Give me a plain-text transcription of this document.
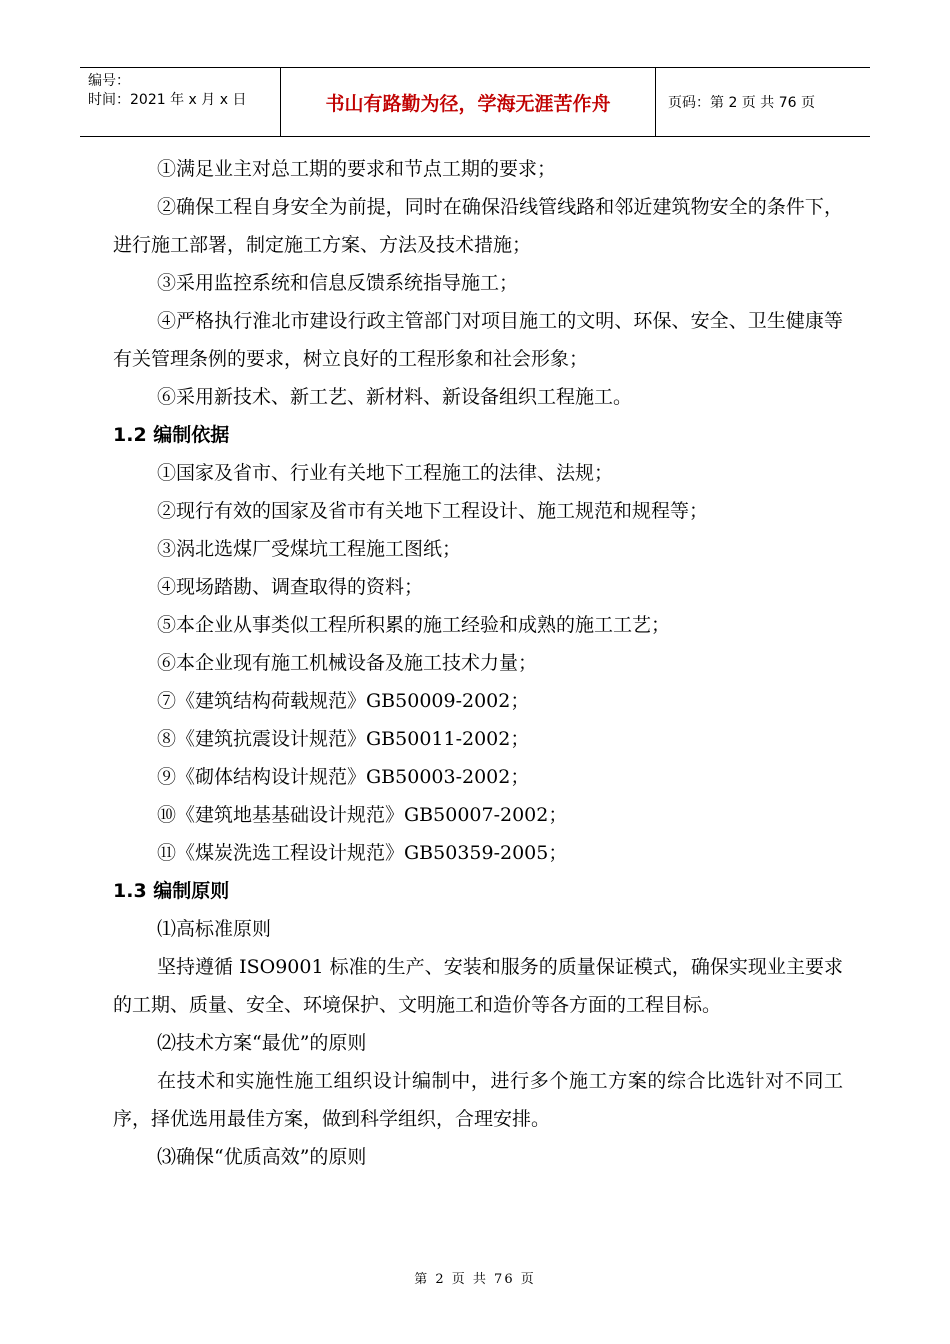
编号：
时间：2021 年 x 月 x 日	书山有路勤为径，学海无涯苦作舟	页码：第 2 页 共 76 页

①满足业主对总工期的要求和节点工期的要求；

②确保工程自身安全为前提，同时在确保沿线管线路和邻近建筑物安全的条件下，进行施工部署，制定施工方案、方法及技术措施；

③采用监控系统和信息反馈系统指导施工；

④严格执行淮北市建设行政主管部门对项目施工的文明、环保、安全、卫生健康等有关管理条例的要求，树立良好的工程形象和社会形象；

⑥采用新技术、新工艺、新材料、新设备组织工程施工。

1.2 编制依据

①国家及省市、行业有关地下工程施工的法律、法规；

②现行有效的国家及省市有关地下工程设计、施工规范和规程等；

③涡北选煤厂受煤坑工程施工图纸；

④现场踏勘、调查取得的资料；

⑤本企业从事类似工程所积累的施工经验和成熟的施工工艺；

⑥本企业现有施工机械设备及施工技术力量；

⑦《建筑结构荷载规范》GB50009-2002；

⑧《建筑抗震设计规范》GB50011-2002；

⑨《砌体结构设计规范》GB50003-2002；

⑩《建筑地基基础设计规范》GB50007-2002；

⑪《煤炭洗选工程设计规范》GB50359-2005；

1.3 编制原则

⑴高标准原则

坚持遵循 ISO9001 标准的生产、安装和服务的质量保证模式，确保实现业主要求的工期、质量、安全、环境保护、文明施工和造价等各方面的工程目标。

⑵技术方案“最优”的原则

在技术和实施性施工组织设计编制中，进行多个施工方案的综合比选针对不同工序，择优选用最佳方案，做到科学组织，合理安排。

⑶确保“优质高效”的原则

第 2 页 共 76 页
